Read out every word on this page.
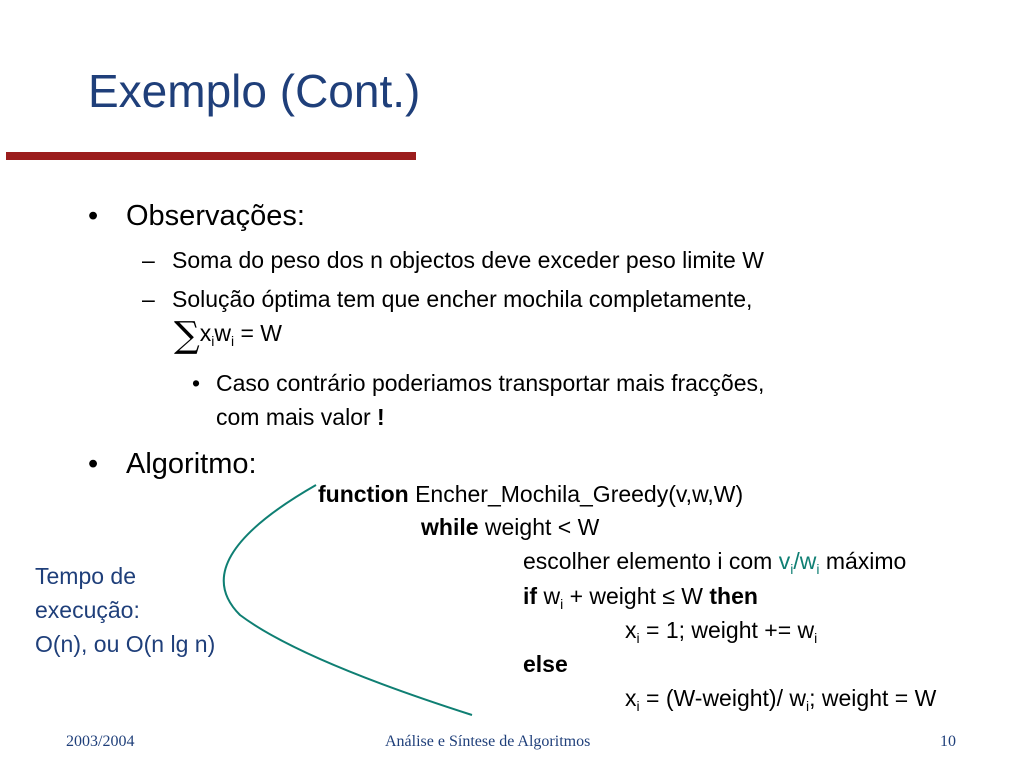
Exemplo (Cont.)
• Observações:
– Soma do peso dos n objectos deve exceder peso limite W
– Solução óptima tem que encher mochila completamente,
$\sum x_iw_i = W$
• Caso contrário poderiamos transportar mais fracções,
com mais valor !
• Algoritmo:
function Encher_Mochila_Greedy(v,w,W)
while weight < W
escolher elemento i com $v_i/w_i$ máximo
if $w_i$ + weight ≤ W then
$x_i = 1$; weight += $w_i$
else
$x_i$ = (W-weight)/ $w_i$; weight = W
Tempo de
execução:
O(n), ou O(n lg n)
2003/2004	Análise e Síntese de Algoritmos	10
